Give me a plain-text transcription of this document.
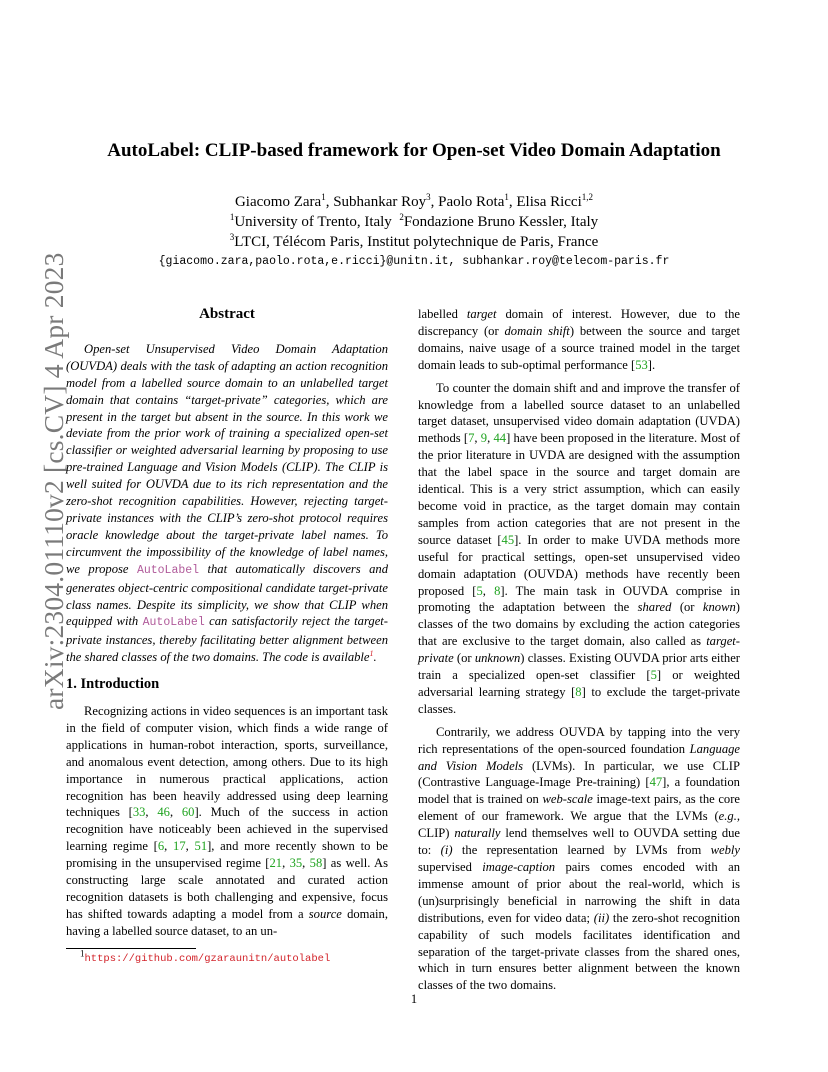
arXiv:2304.01110v2 [cs.CV] 4 Apr 2023
AutoLabel: CLIP-based framework for Open-set Video Domain Adaptation
Giacomo Zara$^1$, Subhankar Roy$^3$, Paolo Rota$^1$, Elisa Ricci$^{1,2}$
$^1$University of Trento, Italy $^2$Fondazione Bruno Kessler, Italy
$^3$LTCI, Télécom Paris, Institut polytechnique de Paris, France
{giacomo.zara,paolo.rota,e.ricci}@unitn.it, subhankar.roy@telecom-paris.fr
Abstract

Open-set Unsupervised Video Domain Adaptation (OUVDA) deals with the task of adapting an action recognition model from a labelled source domain to an unlabelled target domain that contains “target-private” categories, which are present in the target but absent in the source. In this work we deviate from the prior work of training a specialized open-set classifier or weighted adversarial learning by proposing to use pre-trained Language and Vision Models (CLIP). The CLIP is well suited for OUVDA due to its rich representation and the zero-shot recognition capabilities. However, rejecting target-private instances with the CLIP’s zero-shot protocol requires oracle knowledge about the target-private label names. To circumvent the impossibility of the knowledge of label names, we propose AutoLabel that automatically discovers and generates object-centric compositional candidate target-private class names. Despite its simplicity, we show that CLIP when equipped with AutoLabel can satisfactorily reject the target-private instances, thereby facilitating better alignment between the shared classes of the two domains. The code is available$^1$.

1. Introduction

Recognizing actions in video sequences is an important task in the field of computer vision, which finds a wide range of applications in human-robot interaction, sports, surveillance, and anomalous event detection, among others. Due to its high importance in numerous practical applications, action recognition has been heavily addressed using deep learning techniques [33, 46, 60]. Much of the success in action recognition have noticeably been achieved in the supervised learning regime [6, 17, 51], and more recently shown to be promising in the unsupervised regime [21, 35, 58] as well. As constructing large scale annotated and curated action recognition datasets is both challenging and expensive, focus has shifted towards adapting a model from a source domain, having a labelled source dataset, to an un-

labelled target domain of interest. However, due to the discrepancy (or domain shift) between the source and target domains, naive usage of a source trained model in the target domain leads to sub-optimal performance [53].

To counter the domain shift and and improve the transfer of knowledge from a labelled source dataset to an unlabelled target dataset, unsupervised video domain adaptation (UVDA) methods [7, 9, 44] have been proposed in the literature. Most of the prior literature in UVDA are designed with the assumption that the label space in the source and target domain are identical. This is a very strict assumption, which can easily become void in practice, as the target domain may contain samples from action categories that are not present in the source dataset [45]. In order to make UVDA methods more useful for practical settings, open-set unsupervised video domain adaptation (OUVDA) methods have recently been proposed [5, 8]. The main task in OUVDA comprise in promoting the adaptation between the shared (or known) classes of the two domains by excluding the action categories that are exclusive to the target domain, also called as target-private (or unknown) classes. Existing OUVDA prior arts either train a specialized open-set classifier [5] or weighted adversarial learning strategy [8] to exclude the target-private classes.

Contrarily, we address OUVDA by tapping into the very rich representations of the open-sourced foundation Language and Vision Models (LVMs). In particular, we use CLIP (Contrastive Language-Image Pre-training) [47], a foundation model that is trained on web-scale image-text pairs, as the core element of our framework. We argue that the LVMs (e.g., CLIP) naturally lend themselves well to OUVDA setting due to: (i) the representation learned by LVMs from webly supervised image-caption pairs comes encoded with an immense amount of prior about the real-world, which is (un)surprisingly beneficial in narrowing the shift in data distributions, even for video data; (ii) the zero-shot recognition capability of such models facilitates identification and separation of the target-private classes from the shared ones, which in turn ensures better alignment between the known classes of the two domains.

$^1$https://github.com/gzaraunitn/autolabel
1
